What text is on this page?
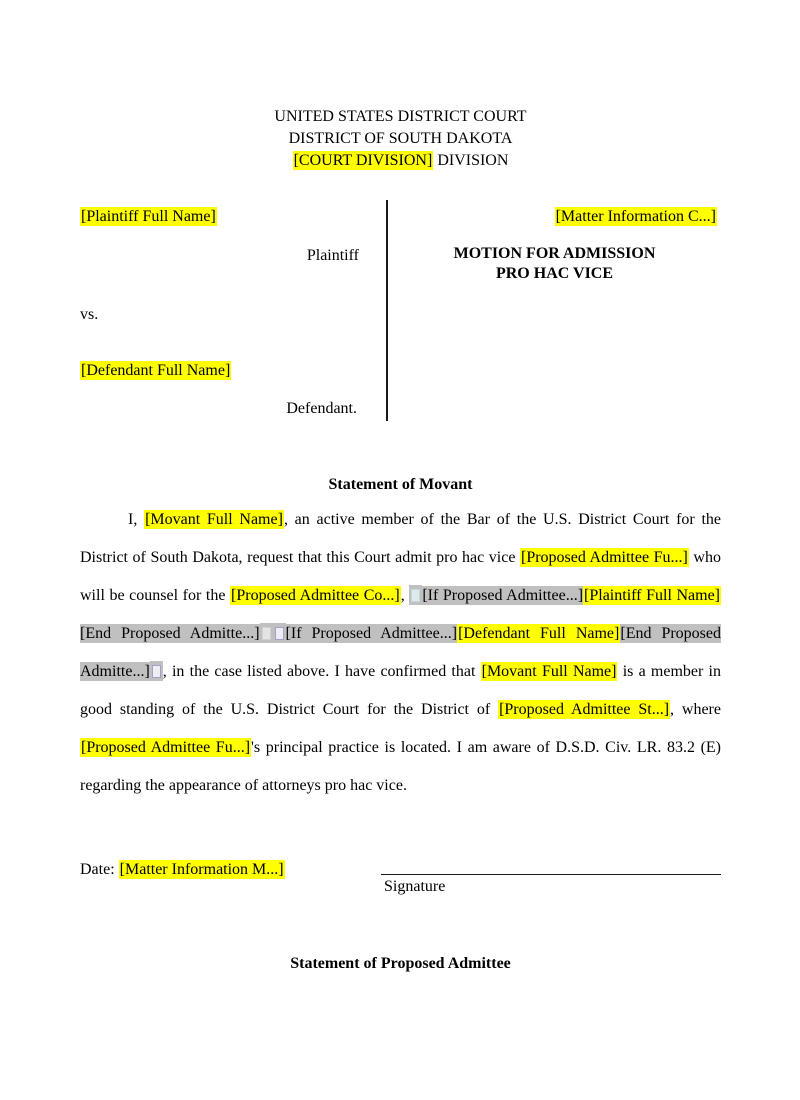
UNITED STATES DISTRICT COURT
DISTRICT OF SOUTH DAKOTA
[COURT DIVISION] DIVISION
[Plaintiff Full Name]
Plaintiff
vs.
[Defendant Full Name]
Defendant.
[Matter Information C...]
MOTION FOR ADMISSION
PRO HAC VICE
Statement of Movant

I, [Movant Full Name], an active member of the Bar of the U.S. District Court for the District of South Dakota, request that this Court admit pro hac vice [Proposed Admittee Fu...] who will be counsel for the [Proposed Admittee Co...], [If Proposed Admittee...][Plaintiff Full Name][End Proposed Admitte...] [If Proposed Admittee...][Defendant Full Name][End Proposed Admitte...] , in the case listed above. I have confirmed that [Movant Full Name] is a member in good standing of the U.S. District Court for the District of [Proposed Admittee St...], where [Proposed Admittee Fu...]'s principal practice is located. I am aware of D.S.D. Civ. LR. 83.2 (E) regarding the appearance of attorneys pro hac vice.

Date: [Matter Information M...]
Signature
Statement of Proposed Admittee
